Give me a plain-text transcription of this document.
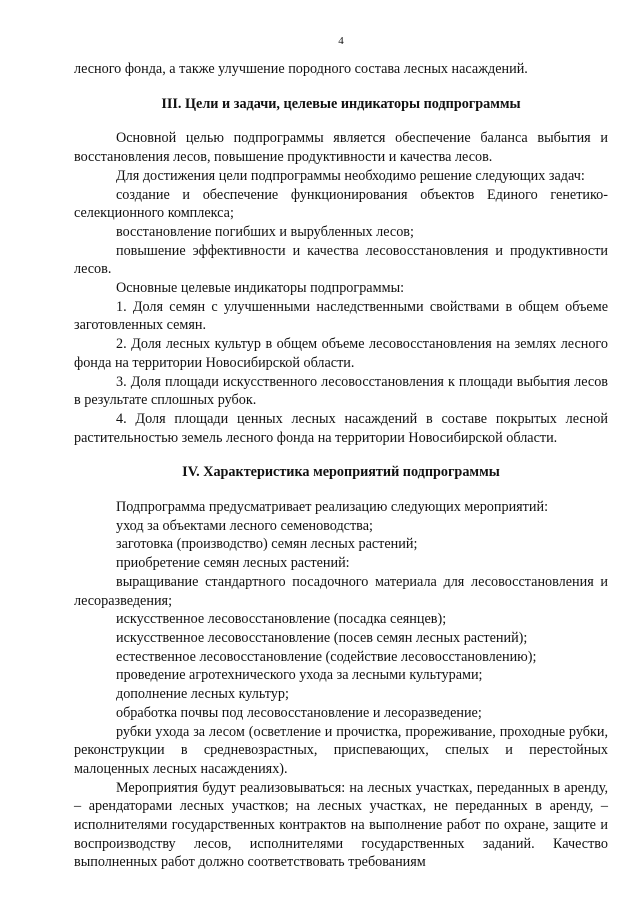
4

лесного фонда, а также улучшение породного состава лесных насаждений.

III. Цели и задачи, целевые индикаторы подпрограммы

Основной целью подпрограммы является обеспечение баланса выбытия и восстановления лесов, повышение продуктивности и качества лесов.

Для достижения цели подпрограммы необходимо решение следующих задач:

создание и обеспечение функционирования объектов Единого генетико-селекционного комплекса;

восстановление погибших и вырубленных лесов;

повышение эффективности и качества лесовосстановления и продуктивности лесов.

Основные целевые индикаторы подпрограммы:

1. Доля семян с улучшенными наследственными свойствами в общем объеме заготовленных семян.

2. Доля лесных культур в общем объеме лесовосстановления на землях лесного фонда на территории Новосибирской области.

3. Доля площади искусственного лесовосстановления к площади выбытия лесов в результате сплошных рубок.

4. Доля площади ценных лесных насаждений в составе покрытых лесной растительностью земель лесного фонда на территории Новосибирской области.

IV. Характеристика мероприятий подпрограммы

Подпрограмма предусматривает реализацию следующих мероприятий:

уход за объектами лесного семеноводства;

заготовка (производство) семян лесных растений;

приобретение семян лесных растений:

выращивание стандартного посадочного материала для лесовосстановления и лесоразведения;

искусственное лесовосстановление (посадка сеянцев);

искусственное лесовосстановление (посев семян лесных растений);

естественное лесовосстановление (содействие лесовосстановлению);

проведение агротехнического ухода за лесными культурами;

дополнение лесных культур;

обработка почвы под лесовосстановление и лесоразведение;

рубки ухода за лесом (осветление и прочистка, прореживание, проходные рубки, реконструкции в средневозрастных, приспевающих, спелых и перестойных малоценных лесных насаждениях).

Мероприятия будут реализовываться: на лесных участках, переданных в аренду, – арендаторами лесных участков; на лесных участках, не переданных в аренду, – исполнителями государственных контрактов на выполнение работ по охране, защите и воспроизводству лесов, исполнителями государственных заданий. Качество выполненных работ должно соответствовать требованиям
